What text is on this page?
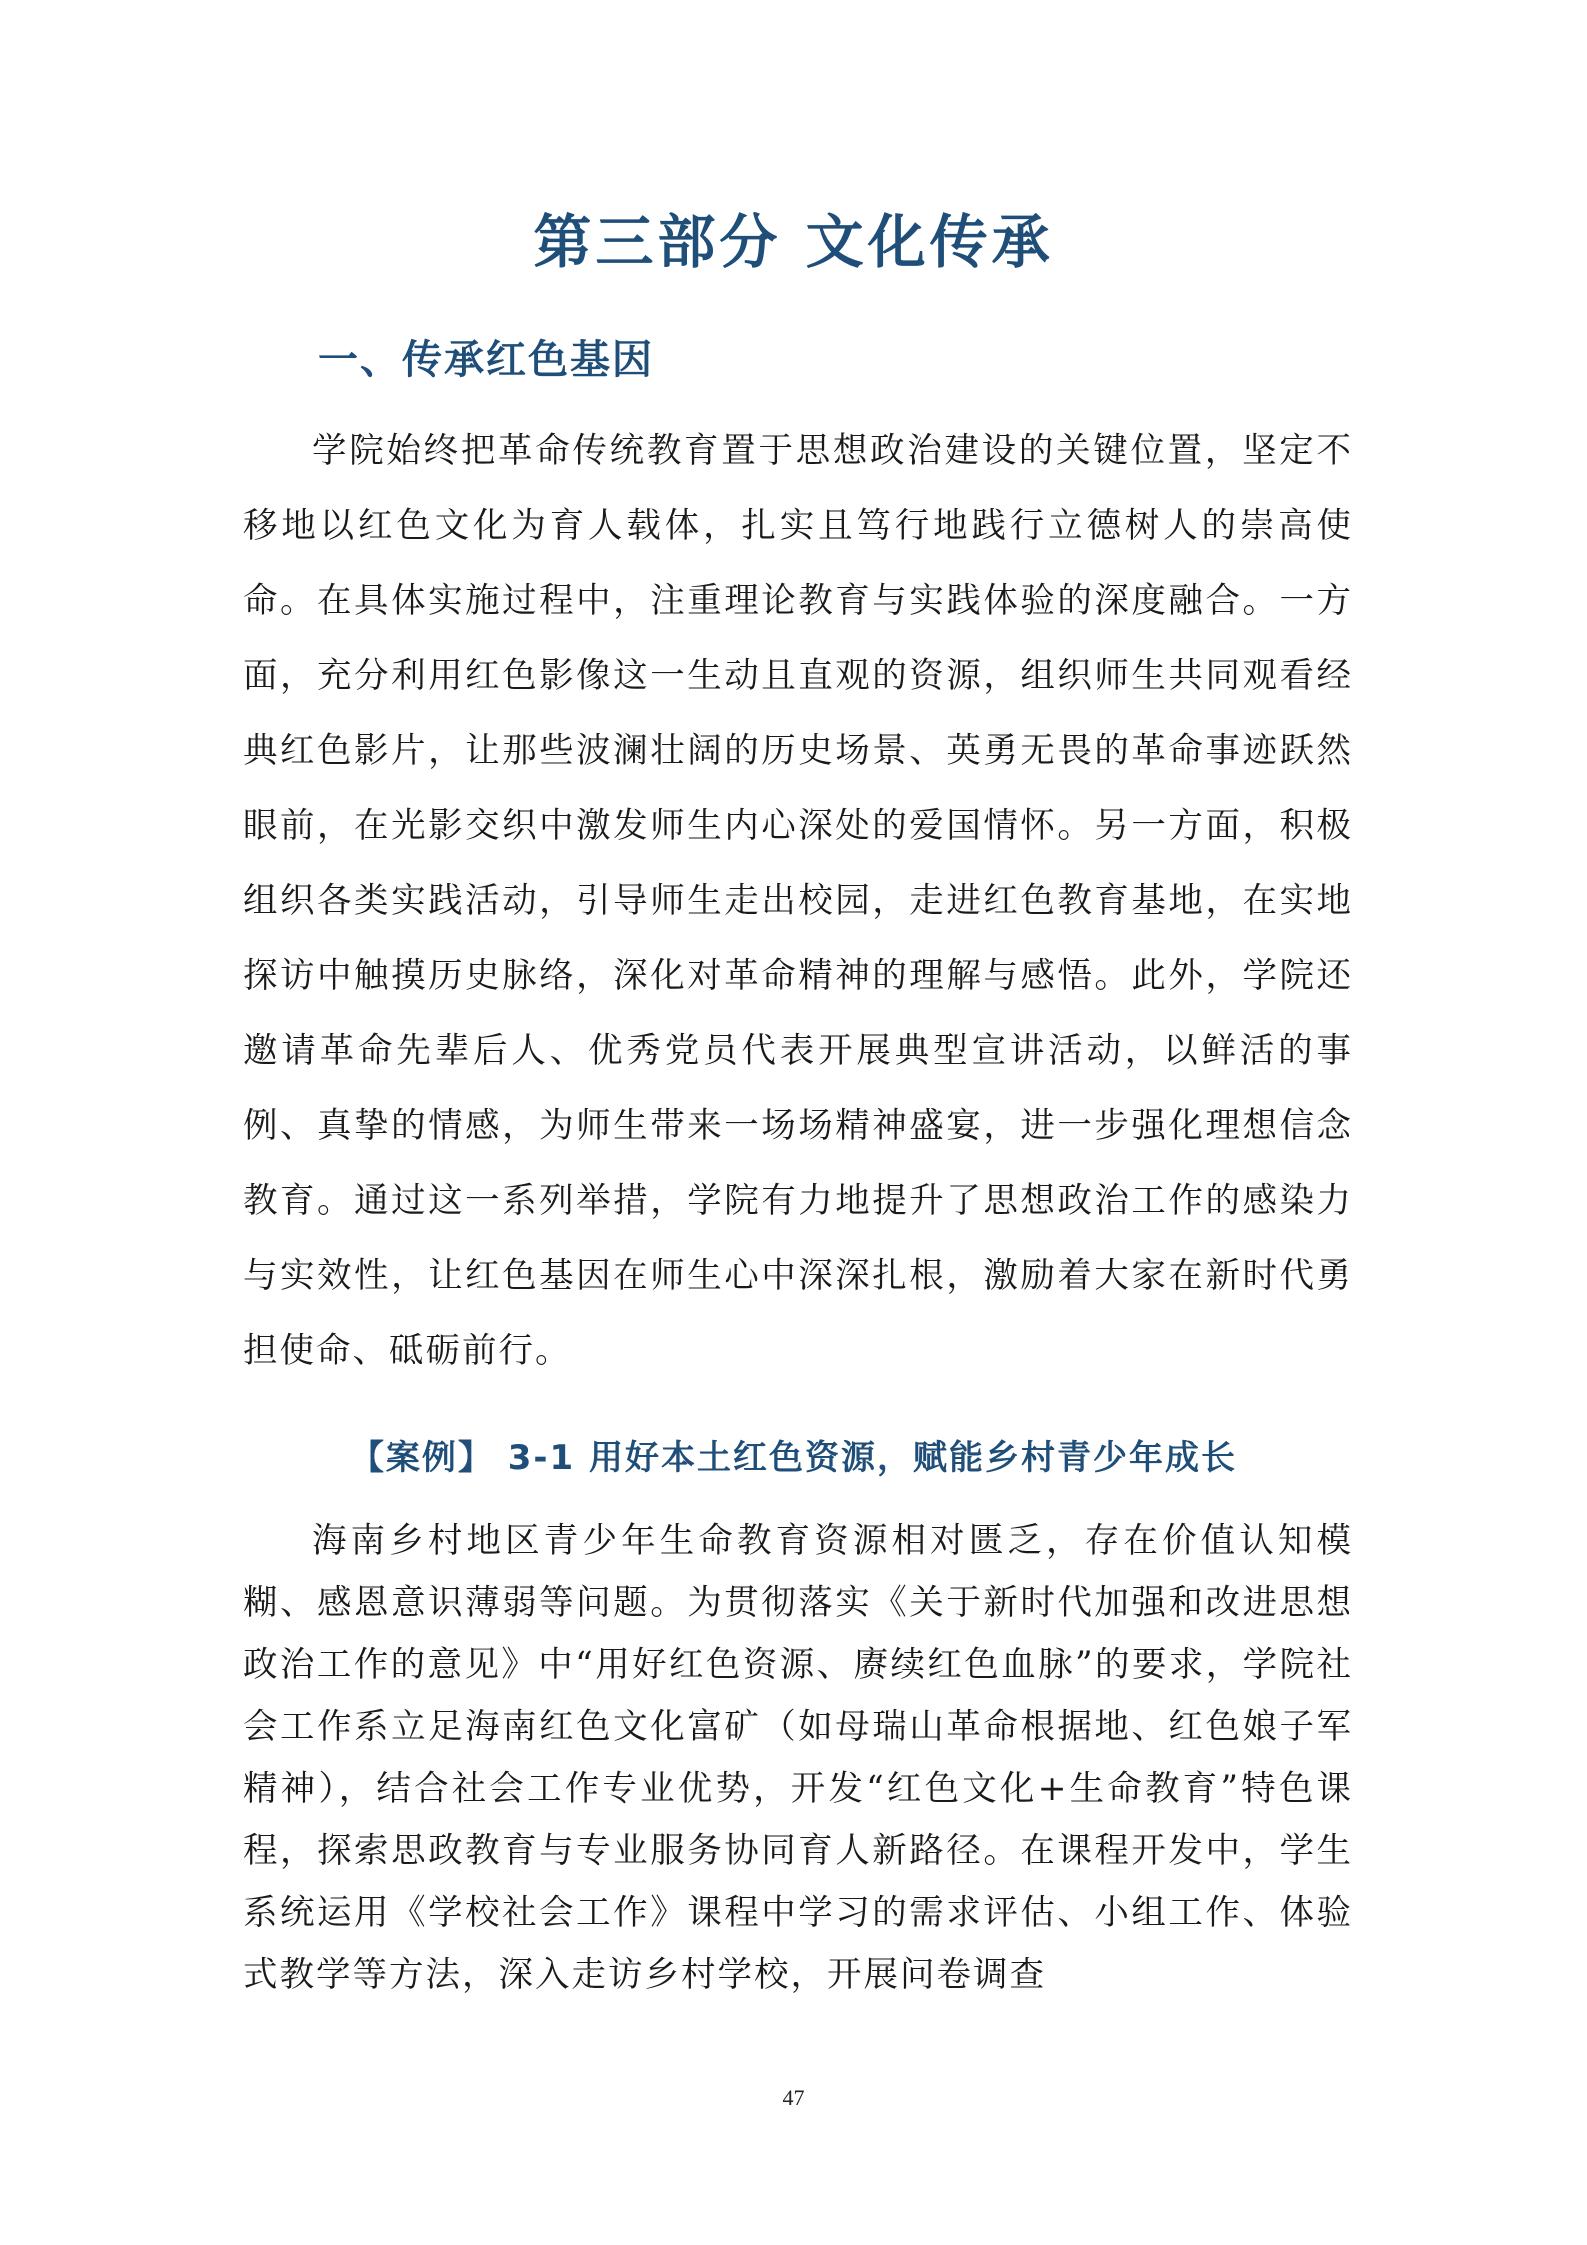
第三部分 文化传承
一、传承红色基因

学院始终把革命传统教育置于思想政治建设的关键位置，坚定不移地以红色文化为育人载体，扎实且笃行地践行立德树人的崇高使命。在具体实施过程中，注重理论教育与实践体验的深度融合。一方面，充分利用红色影像这一生动且直观的资源，组织师生共同观看经典红色影片，让那些波澜壮阔的历史场景、英勇无畏的革命事迹跃然眼前，在光影交织中激发师生内心深处的爱国情怀。另一方面，积极组织各类实践活动，引导师生走出校园，走进红色教育基地，在实地探访中触摸历史脉络，深化对革命精神的理解与感悟。此外，学院还邀请革命先辈后人、优秀党员代表开展典型宣讲活动，以鲜活的事例、真挚的情感，为师生带来一场场精神盛宴，进一步强化理想信念教育。通过这一系列举措，学院有力地提升了思想政治工作的感染力与实效性，让红色基因在师生心中深深扎根，激励着大家在新时代勇担使命、砥砺前行。

【案例】 3-1 用好本土红色资源，赋能乡村青少年成长

海南乡村地区青少年生命教育资源相对匮乏，存在价值认知模糊、感恩意识薄弱等问题。为贯彻落实《关于新时代加强和改进思想政治工作的意见》中“用好红色资源、赓续红色血脉”的要求，学院社会工作系立足海南红色文化富矿（如母瑞山革命根据地、红色娘子军精神），结合社会工作专业优势，开发“红色文化+生命教育”特色课程，探索思政教育与专业服务协同育人新路径。在课程开发中，学生系统运用《学校社会工作》课程中学习的需求评估、小组工作、体验式教学等方法，深入走访乡村学校，开展问卷调查

47
